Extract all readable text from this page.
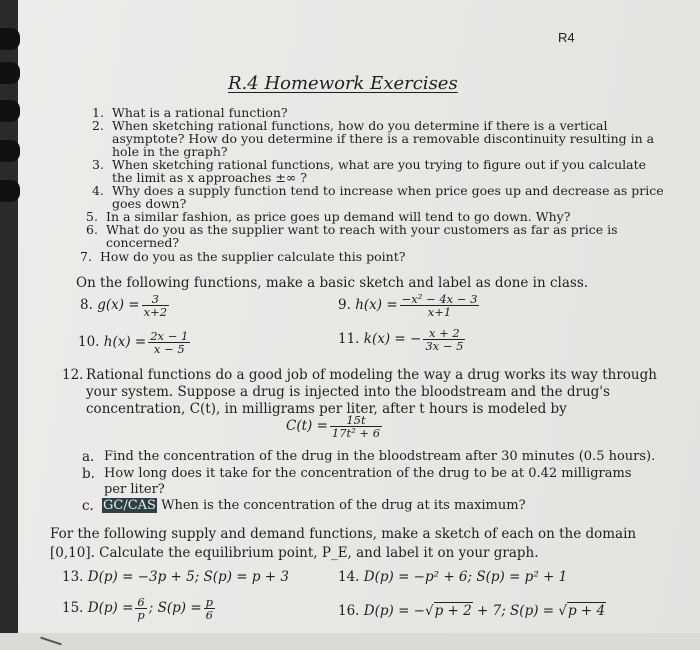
R4
R.4 Homework Exercises
1. What is a rational function?
2. When sketching rational functions, how do you determine if there is a vertical
asymptote? How do you determine if there is a removable discontinuity resulting in a
hole in the graph?
3. When sketching rational functions, what are you trying to figure out if you calculate
the limit as x approaches ±∞ ?
4. Why does a supply function tend to increase when price goes up and decrease as price
goes down?
5. In a similar fashion, as price goes up demand will tend to go down. Why?
6. What do you as the supplier want to reach with your customers as far as price is
concerned?
7. How do you as the supplier calculate this point?
On the following functions, make a basic sketch and label as done in class.
8. $g(x) = \frac{3}{x+2}$	9. $h(x) = \frac{\text{−x² − 4x − 3}}{x+1}$
10. $h(x) = \frac{2x - 1}{x - 5}$	11. k(x) = − $\frac{x + 2}{3x - 5}$
12. Rational functions do a good job of modeling the way a drug works its way through
your system. Suppose a drug is injected into the bloodstream and the drug's
concentration, C(t), in milligrams per liter, after t hours is modeled by
$C(t) = \frac{15t}{\text{17t² + 6}}$
a. Find the concentration of the drug in the bloodstream after 30 minutes (0.5 hours).
b. How long does it take for the concentration of the drug to be at 0.42 milligrams
per liter?
c. GC/CAS When is the concentration of the drug at its maximum?
For the following supply and demand functions, make a sketch of each on the domain
[0,10]. Calculate the equilibrium point, P_E, and label it on your graph.
13. D(p) = −3p + 5; S(p) = p + 3	14. D(p) = −p² + 6; S(p) = p² + 1
15. $D(p) = \frac{6}{p}$ ; $S(p) = \frac{p}{6}$	16. D(p) = −√p + 2 + 7; S(p) = √p + 4
